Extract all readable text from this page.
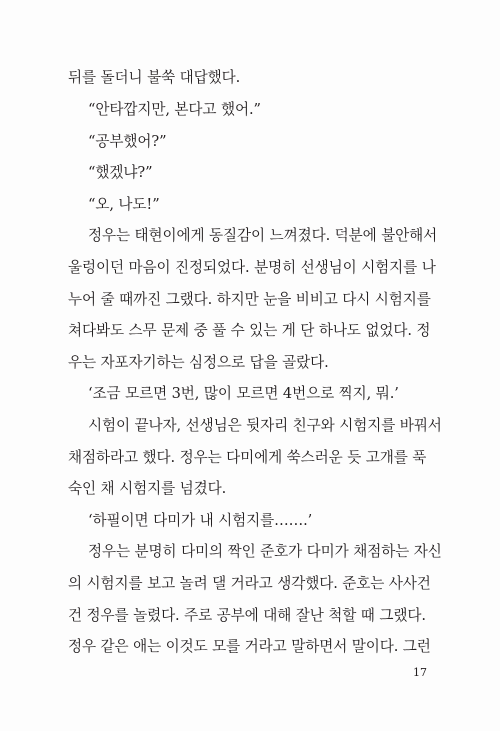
뒤를 돌더니 불쑥 대답했다.
“안타깝지만, 본다고 했어.”
“공부했어?”
“했겠냐?”
“오, 나도!”
정우는 태현이에게 동질감이 느껴졌다. 덕분에 불안해서
울렁이던 마음이 진정되었다. 분명히 선생님이 시험지를 나
누어 줄 때까진 그랬다. 하지만 눈을 비비고 다시 시험지를
쳐다봐도 스무 문제 중 풀 수 있는 게 단 하나도 없었다. 정
우는 자포자기하는 심정으로 답을 골랐다.
‘조금 모르면 3번, 많이 모르면 4번으로 찍지, 뭐.’
시험이 끝나자, 선생님은 뒷자리 친구와 시험지를 바꿔서
채점하라고 했다. 정우는 다미에게 쑥스러운 듯 고개를 푹
숙인 채 시험지를 넘겼다.
‘하필이면 다미가 내 시험지를…….’
정우는 분명히 다미의 짝인 준호가 다미가 채점하는 자신
의 시험지를 보고 놀려 댈 거라고 생각했다. 준호는 사사건
건 정우를 놀렸다. 주로 공부에 대해 잘난 척할 때 그랬다.
정우 같은 애는 이것도 모를 거라고 말하면서 말이다. 그런
17
